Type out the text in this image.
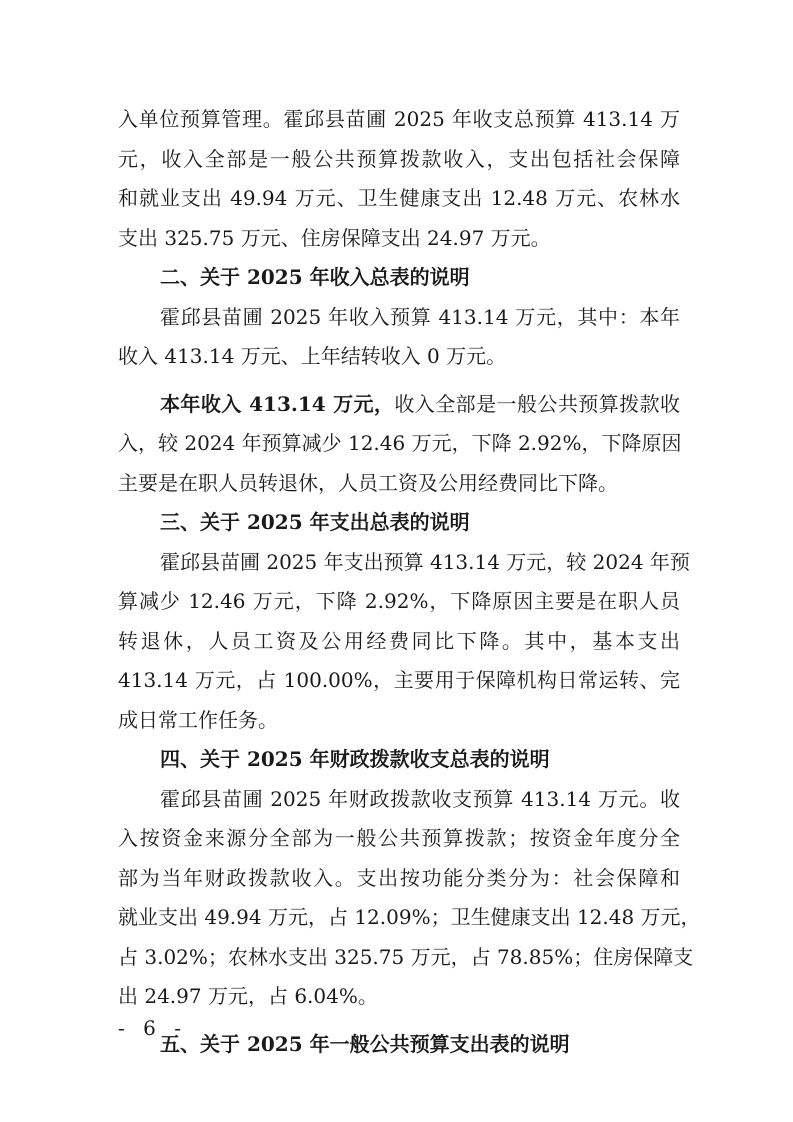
入单位预算管理。霍邱县苗圃 2025 年收支总预算 413.14 万
元，收入全部是一般公共预算拨款收入，支出包括社会保障
和就业支出 49.94 万元、卫生健康支出 12.48 万元、农林水
支出 325.75 万元、住房保障支出 24.97 万元。
二、关于 2025 年收入总表的说明
霍邱县苗圃 2025 年收入预算 413.14 万元，其中：本年
收入 413.14 万元、上年结转收入 0 万元。
本年收入 413.14 万元，收入全部是一般公共预算拨款收
入，较 2024 年预算减少 12.46 万元，下降 2.92%，下降原因
主要是在职人员转退休，人员工资及公用经费同比下降。
三、关于 2025 年支出总表的说明
霍邱县苗圃 2025 年支出预算 413.14 万元，较 2024 年预
算减少 12.46 万元，下降 2.92%，下降原因主要是在职人员
转退休，人员工资及公用经费同比下降。其中，基本支出
413.14 万元，占 100.00%，主要用于保障机构日常运转、完
成日常工作任务。
四、关于 2025 年财政拨款收支总表的说明
霍邱县苗圃 2025 年财政拨款收支预算 413.14 万元。收
入按资金来源分全部为一般公共预算拨款；按资金年度分全
部为当年财政拨款收入。支出按功能分类分为：社会保障和
就业支出 49.94 万元，占 12.09%；卫生健康支出 12.48 万元，
占 3.02%；农林水支出 325.75 万元，占 78.85%；住房保障支
出 24.97 万元，占 6.04%。
五、关于 2025 年一般公共预算支出表的说明
- 6 -
